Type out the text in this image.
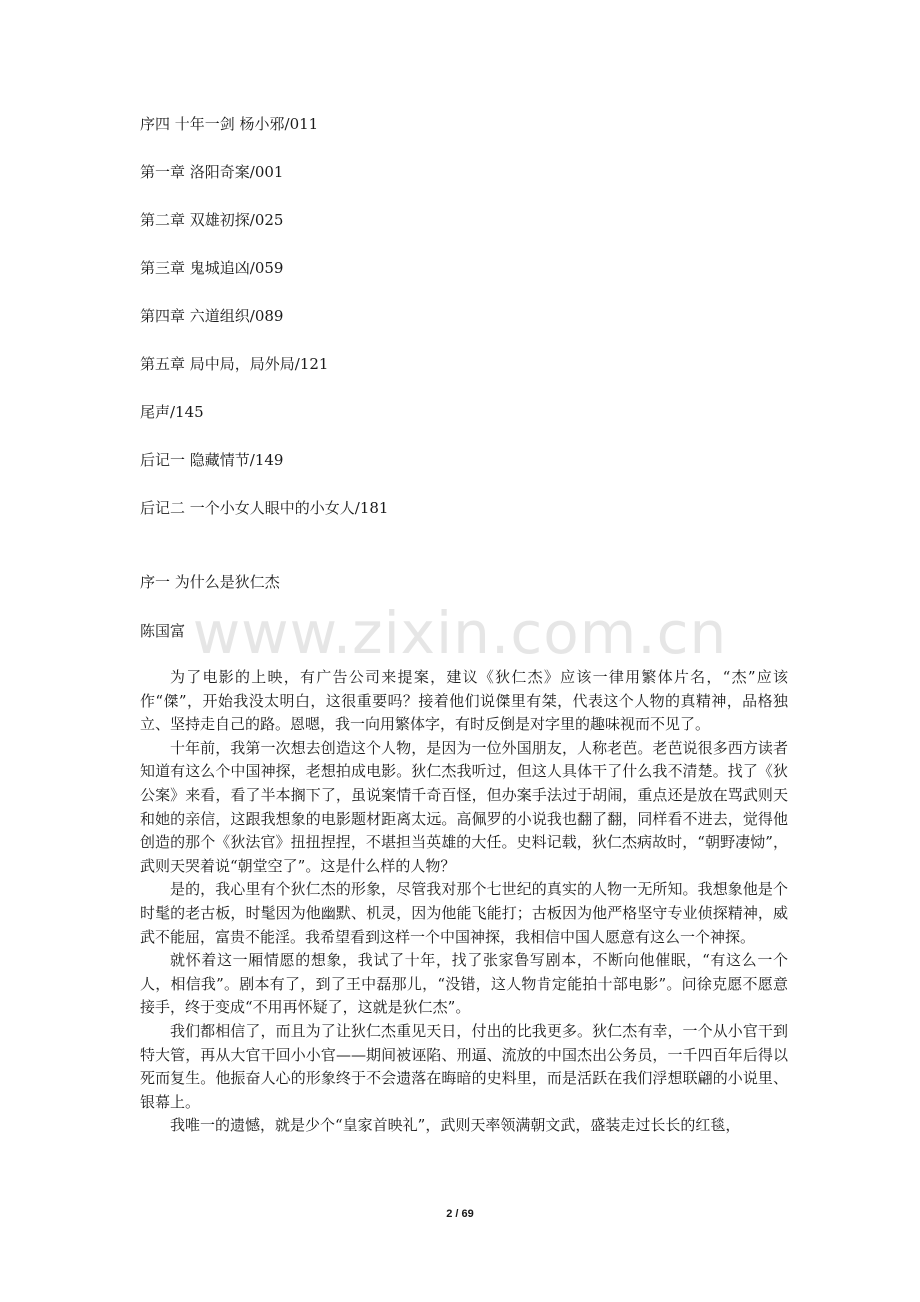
序四 十年一剑 杨小邪/011
第一章 洛阳奇案/001
第二章 双雄初探/025
第三章 鬼城追凶/059
第四章 六道组织/089
第五章 局中局，局外局/121
尾声/145
后记一 隐藏情节/149
后记二 一个小女人眼中的小女人/181
序一 为什么是狄仁杰
陈国富 www.zixin.com.cn

为了电影的上映，有广告公司来提案，建议《狄仁杰》应该一律用繁体片名，“杰”应该作“傑”，开始我没太明白，这很重要吗？接着他们说傑里有桀，代表这个人物的真精神，品格独立、坚持走自己的路。恩嗯，我一向用繁体字，有时反倒是对字里的趣味视而不见了。

十年前，我第一次想去创造这个人物，是因为一位外国朋友，人称老芭。老芭说很多西方读者知道有这么个中国神探，老想拍成电影。狄仁杰我听过，但这人具体干了什么我不清楚。找了《狄公案》来看，看了半本搁下了，虽说案情千奇百怪，但办案手法过于胡闹，重点还是放在骂武则天和她的亲信，这跟我想象的电影题材距离太远。高佩罗的小说我也翻了翻，同样看不进去，觉得他创造的那个《狄法官》扭扭捏捏，不堪担当英雄的大任。史料记载，狄仁杰病故时，“朝野凄恸”，武则天哭着说“朝堂空了”。这是什么样的人物？

是的，我心里有个狄仁杰的形象，尽管我对那个七世纪的真实的人物一无所知。我想象他是个时髦的老古板，时髦因为他幽默、机灵，因为他能飞能打；古板因为他严格坚守专业侦探精神，威武不能屈，富贵不能淫。我希望看到这样一个中国神探，我相信中国人愿意有这么一个神探。

就怀着这一厢情愿的想象，我试了十年，找了张家鲁写剧本，不断向他催眠，“有这么一个人，相信我”。剧本有了，到了王中磊那儿，“没错，这人物肯定能拍十部电影”。问徐克愿不愿意接手，终于变成“不用再怀疑了，这就是狄仁杰”。

我们都相信了，而且为了让狄仁杰重见天日，付出的比我更多。狄仁杰有幸，一个从小官干到特大管，再从大官干回小小官——期间被诬陷、刑逼、流放的中国杰出公务员，一千四百年后得以死而复生。他振奋人心的形象终于不会遗落在晦暗的史料里，而是活跃在我们浮想联翩的小说里、银幕上。

我唯一的遗憾，就是少个“皇家首映礼”，武则天率领满朝文武，盛装走过长长的红毯，

2 / 69
